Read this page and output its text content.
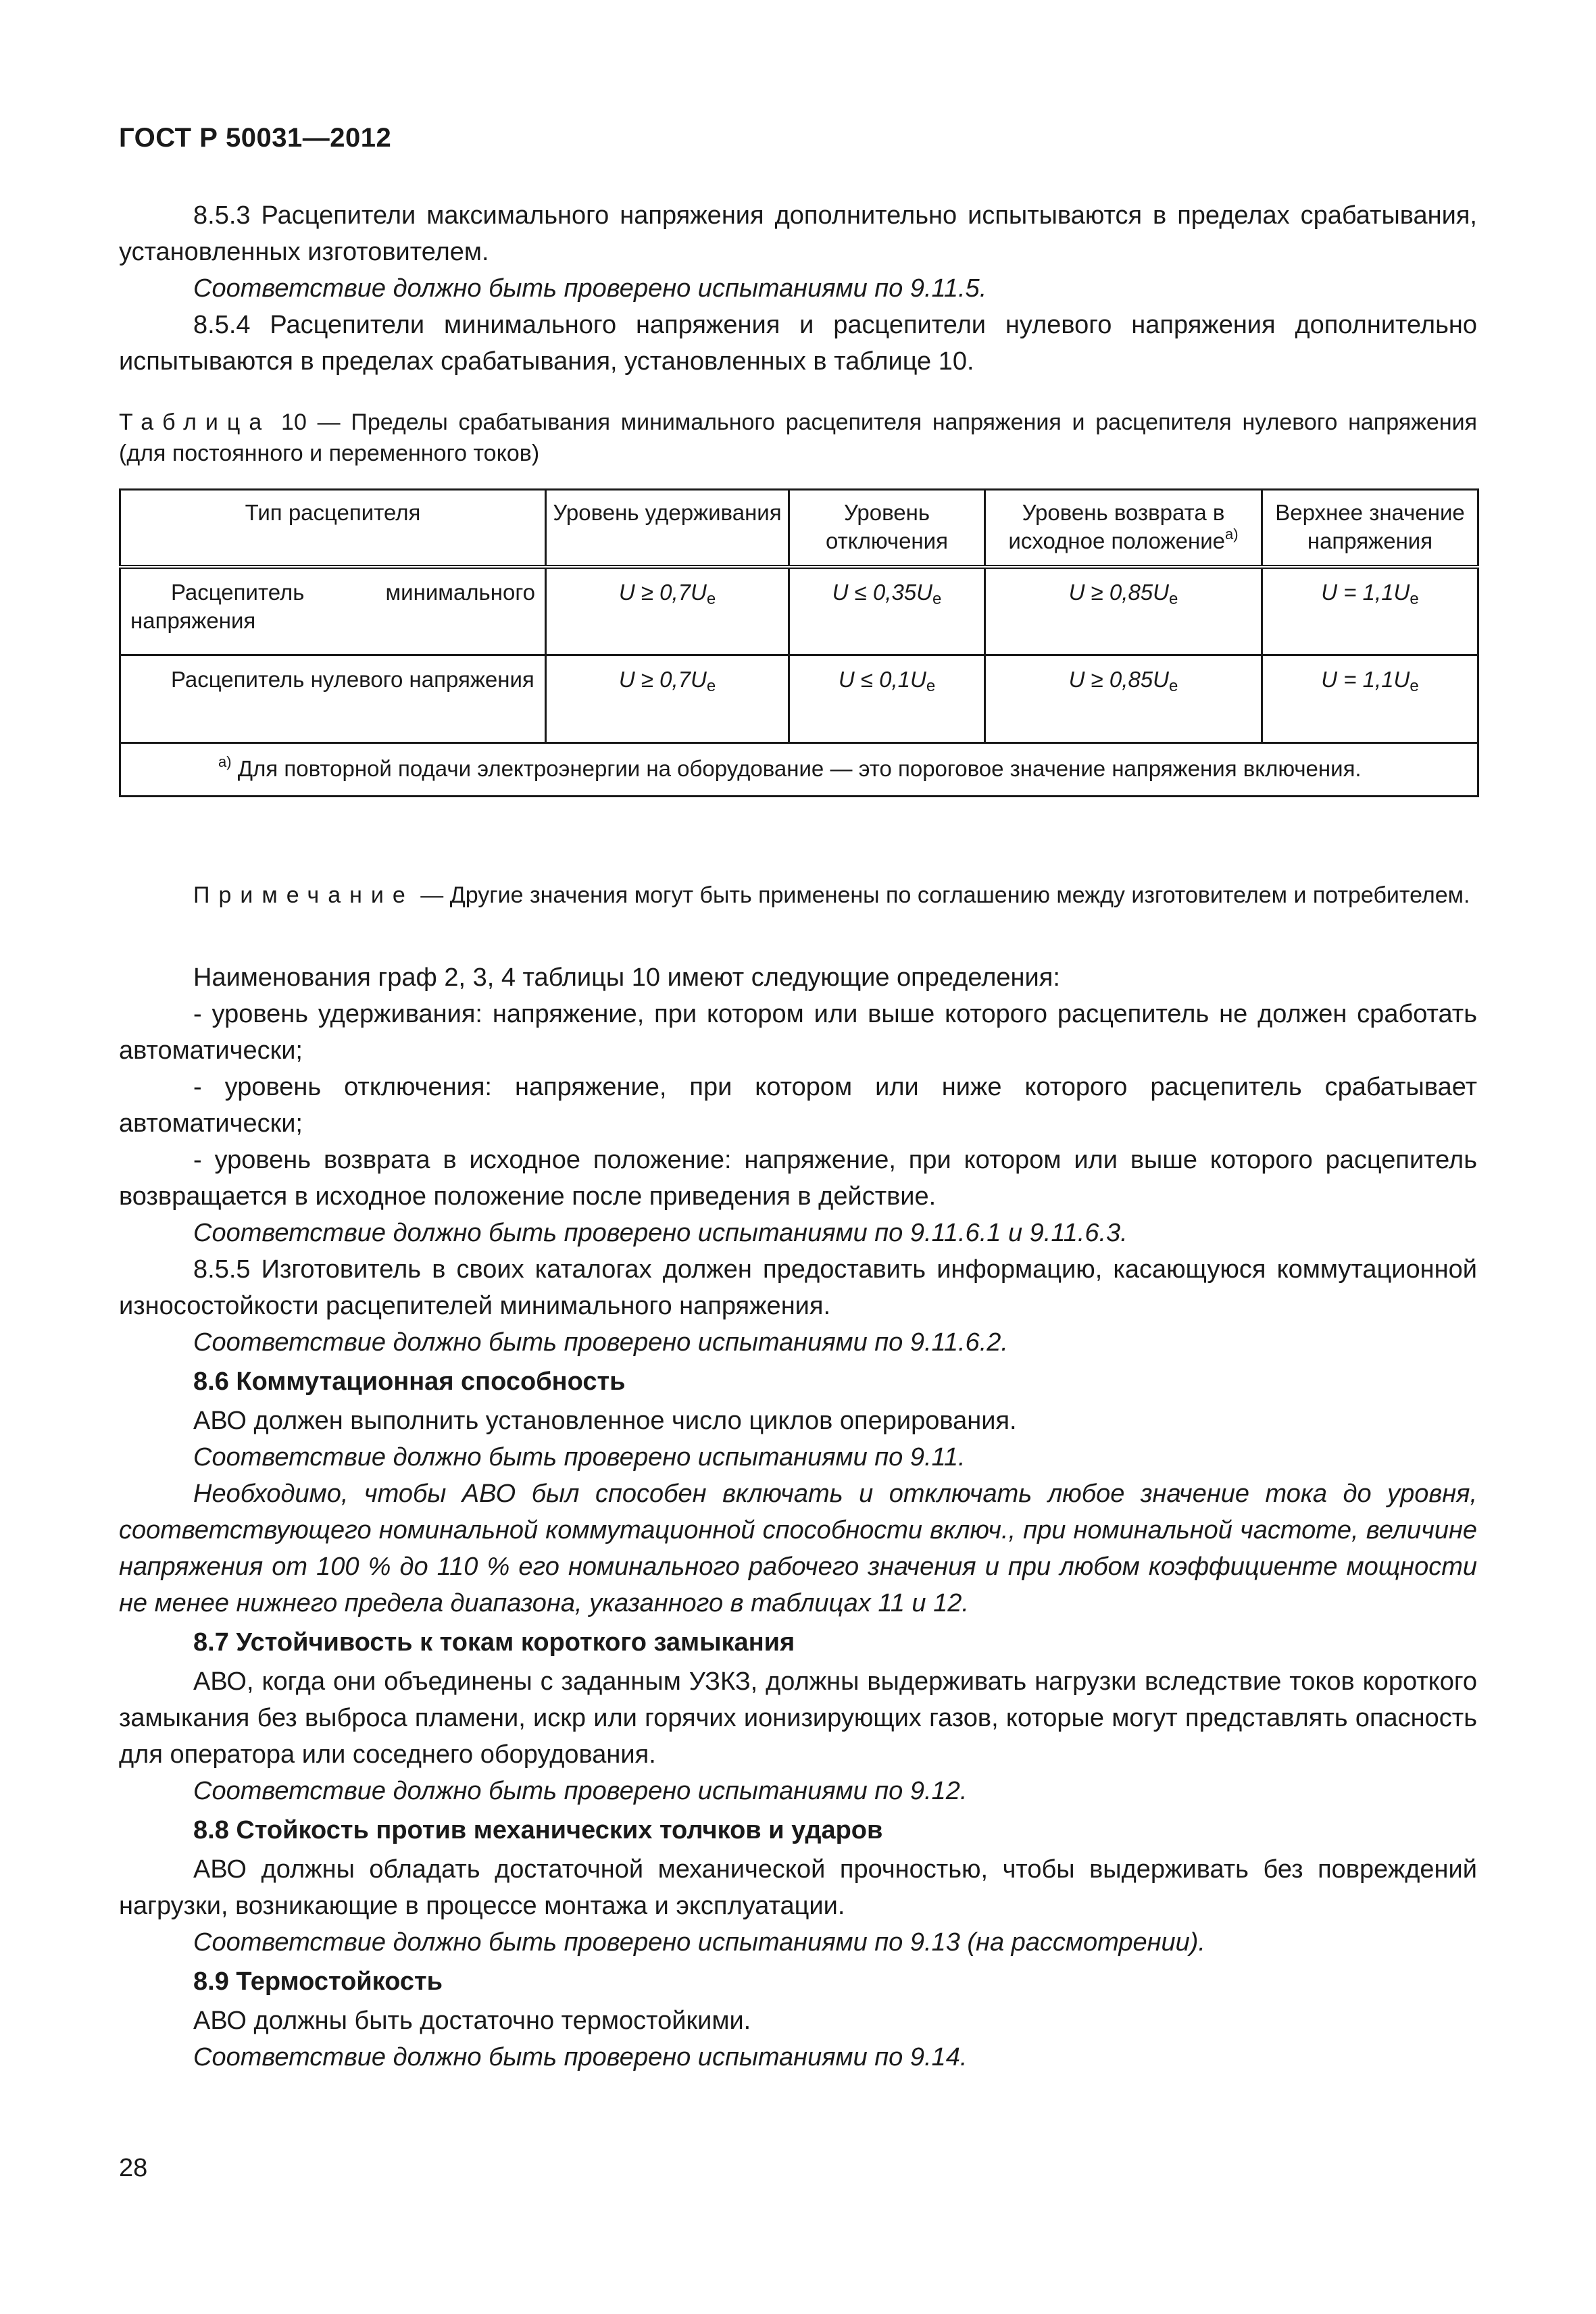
ГОСТ Р 50031—2012

8.5.3 Расцепители максимального напряжения дополнительно испытываются в пределах срабатывания, установленных изготовителем.

Соответствие должно быть проверено испытаниями по 9.11.5.

8.5.4 Расцепители минимального напряжения и расцепители нулевого напряжения дополнительно испытываются в пределах срабатывания, установленных в таблице 10.

Таблица 10 — Пределы срабатывания минимального расцепителя напряжения и расцепителя нулевого напряжения (для постоянного и переменного токов)
Тип расцепителя	Уровень удерживания	Уровень отключения	Уровень возврата в исходное положение$^{а)}$	Верхнее значение напряжения
Расцепитель минимального напряжения	$U \ge 0,7U_е$	$U \le 0,35U_е$	$U \ge 0,85U_е$	$U = 1,1U_е$
Расцепитель нулевого напряжения	$U \ge 0,7U_е$	$U \le 0,1U_е$	$U \ge 0,85U_е$	$U = 1,1U_е$
$^{а)}$ Для повторной подачи электроэнергии на оборудование — это пороговое значение напряжения включения.				
Примечание — Другие значения могут быть применены по соглашению между изготовителем и потребителем.

Наименования граф 2, 3, 4 таблицы 10 имеют следующие определения:

- уровень удерживания: напряжение, при котором или выше которого расцепитель не должен сработать автоматически;

- уровень отключения: напряжение, при котором или ниже которого расцепитель срабатывает автоматически;

- уровень возврата в исходное положение: напряжение, при котором или выше которого расцепитель возвращается в исходное положение после приведения в действие.

Соответствие должно быть проверено испытаниями по 9.11.6.1 и 9.11.6.3.

8.5.5 Изготовитель в своих каталогах должен предоставить информацию, касающуюся коммутационной износостойкости расцепителей минимального напряжения.

Соответствие должно быть проверено испытаниями по 9.11.6.2.

8.6 Коммутационная способность

АВО должен выполнить установленное число циклов оперирования.

Соответствие должно быть проверено испытаниями по 9.11.

Необходимо, чтобы АВО был способен включать и отключать любое значение тока до уровня, соответствующего номинальной коммутационной способности включ., при номинальной частоте, величине напряжения от 100 % до 110 % его номинального рабочего значения и при любом коэффициенте мощности не менее нижнего предела диапазона, указанного в таблицах 11 и 12.

8.7 Устойчивость к токам короткого замыкания

АВО, когда они объединены с заданным УЗКЗ, должны выдерживать нагрузки вследствие токов короткого замыкания без выброса пламени, искр или горячих ионизирующих газов, которые могут представлять опасность для оператора или соседнего оборудования.

Соответствие должно быть проверено испытаниями по 9.12.

8.8 Стойкость против механических толчков и ударов

АВО должны обладать достаточной механической прочностью, чтобы выдерживать без повреждений нагрузки, возникающие в процессе монтажа и эксплуатации.

Соответствие должно быть проверено испытаниями по 9.13 (на рассмотрении).

8.9 Термостойкость

АВО должны быть достаточно термостойкими.

Соответствие должно быть проверено испытаниями по 9.14.

28
